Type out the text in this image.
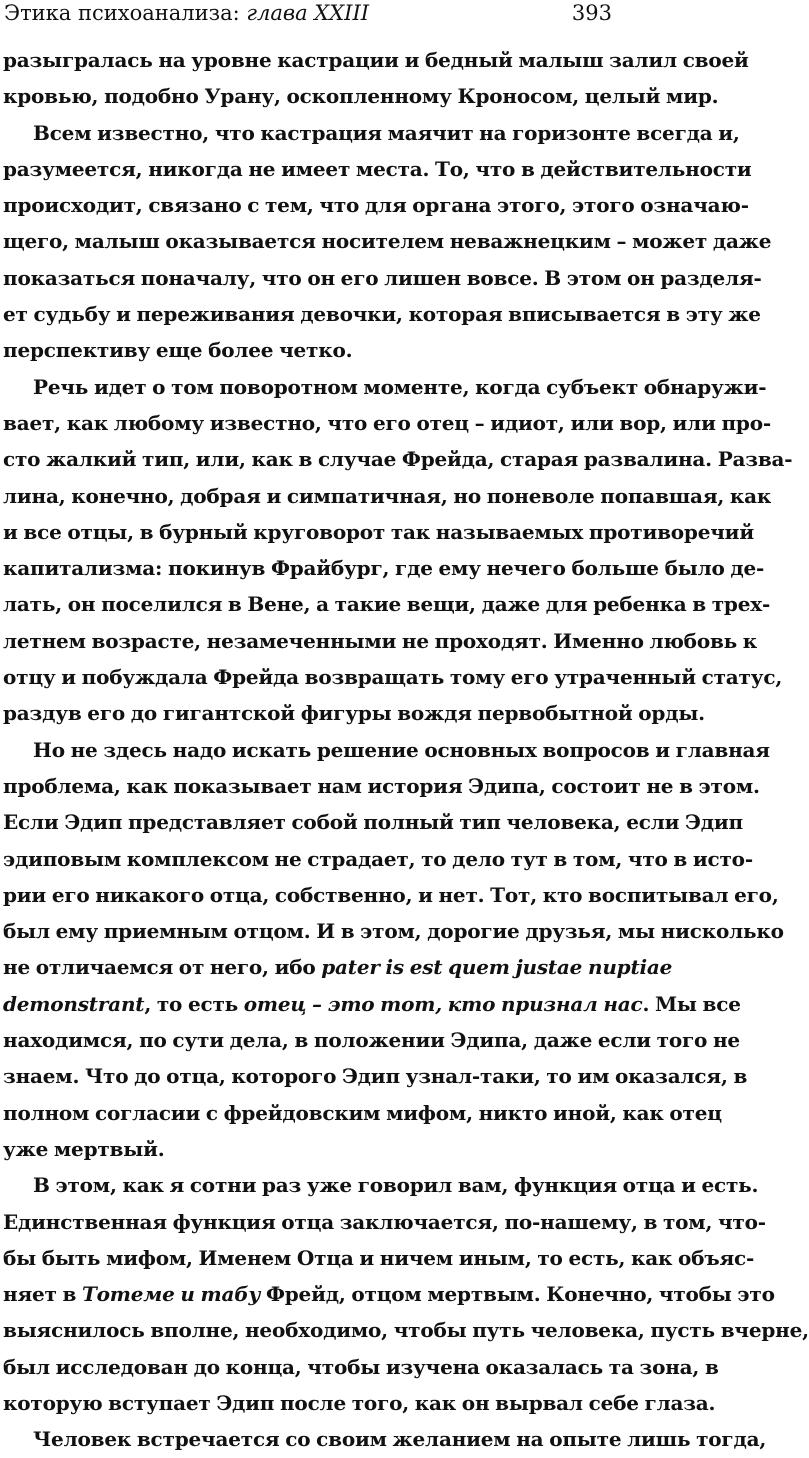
Этика психоанализа: глава XXIII	393
разыгралась на уровне кастрации и бедный малыш залил своей
кровью, подобно Урану, оскопленному Кроносом, целый мир.
Всем известно, что кастрация маячит на горизонте всегда и,
разумеется, никогда не имеет места. То, что в действительности
происходит, связано с тем, что для органа этого, этого означаю-
щего, малыш оказывается носителем неважнецким – может даже
показаться поначалу, что он его лишен вовсе. В этом он разделя-
ет судьбу и переживания девочки, которая вписывается в эту же
перспективу еще более четко.
Речь идет о том поворотном моменте, когда субъект обнаружи-
вает, как любому известно, что его отец – идиот, или вор, или про-
сто жалкий тип, или, как в случае Фрейда, старая развалина. Разва-
лина, конечно, добрая и симпатичная, но поневоле попавшая, как
и все отцы, в бурный круговорот так называемых противоречий
капитализма: покинув Фрайбург, где ему нечего больше было де-
лать, он поселился в Вене, а такие вещи, даже для ребенка в трех-
летнем возрасте, незамеченными не проходят. Именно любовь к
отцу и побуждала Фрейда возвращать тому его утраченный статус,
раздув его до гигантской фигуры вождя первобытной орды.
Но не здесь надо искать решение основных вопросов и главная
проблема, как показывает нам история Эдипа, состоит не в этом.
Если Эдип представляет собой полный тип человека, если Эдип
эдиповым комплексом не страдает, то дело тут в том, что в исто-
рии его никакого отца, собственно, и нет. Тот, кто воспитывал его,
был ему приемным отцом. И в этом, дорогие друзья, мы нисколько
не отличаемся от него, ибо pater is est quem justae nuptiae
demonstrant, то есть отец – это тот, кто признал нас. Мы все
находимся, по сути дела, в положении Эдипа, даже если того не
знаем. Что до отца, которого Эдип узнал-таки, то им оказался, в
полном согласии с фрейдовским мифом, никто иной, как отец
уже мертвый.
В этом, как я сотни раз уже говорил вам, функция отца и есть.
Единственная функция отца заключается, по-нашему, в том, что-
бы быть мифом, Именем Отца и ничем иным, то есть, как объяс-
няет в Тотеме и табу Фрейд, отцом мертвым. Конечно, чтобы это
выяснилось вполне, необходимо, чтобы путь человека, пусть вчерне,
был исследован до конца, чтобы изучена оказалась та зона, в
которую вступает Эдип после того, как он вырвал себе глаза.
Человек встречается со своим желанием на опыте лишь тогда,
